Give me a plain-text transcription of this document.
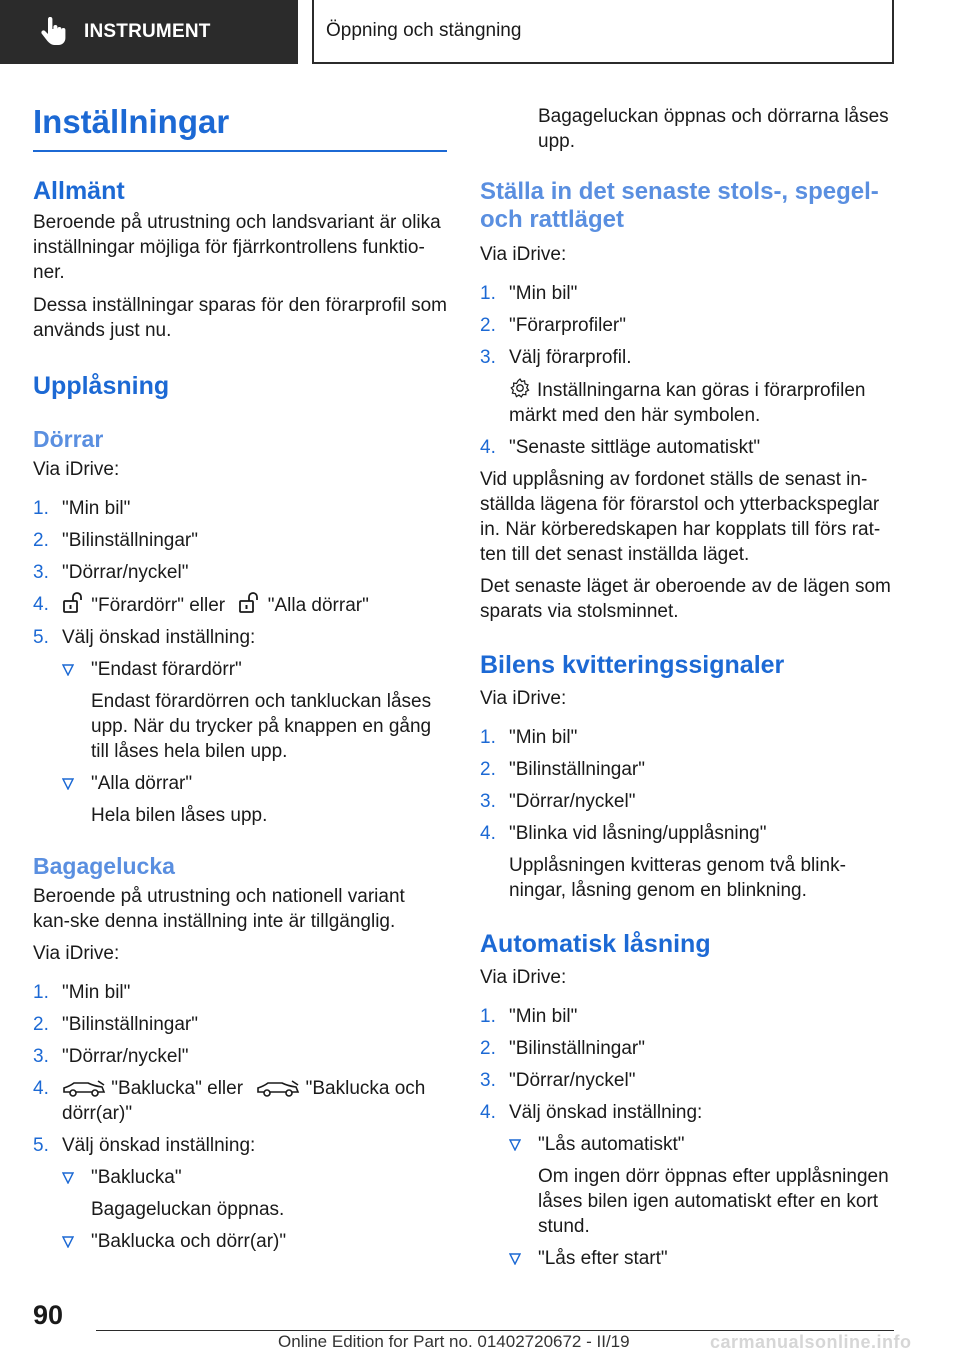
INSTRUMENT	Öppning och stängning
Inställningar
Allmänt

Beroende på utrustning och landsvariant är olika inställningar möjliga för fjärrkontrollens funktio-ner.

Dessa inställningar sparas för den förarprofil som används just nu.

Upplåsning
Dörrar

Via iDrive:

1. "Min bil"
2. "Bilinställningar"
3. "Dörrar/nyckel"
4. "Förardörr" eller "Alla dörrar"
5. Välj önskad inställning:
"Endast förardörr"
Endast förardörren och tankluckan låses upp. När du trycker på knappen en gång till låses hela bilen upp.
"Alla dörrar"
Hela bilen låses upp.
Bagagelucka

Beroende på utrustning och nationell variant kan-ske denna inställning inte är tillgänglig.

Via iDrive:

1. "Min bil"
2. "Bilinställningar"
3. "Dörrar/nyckel"
4.	"Baklucka" eller	"Baklucka och dörr(ar)"
5. Välj önskad inställning:
"Baklucka"
Bagageluckan öppnas.
"Baklucka och dörr(ar)"

Bagageluckan öppnas och dörrarna låses upp.

Ställa in det senaste stols-, spegel- och rattläget

Via iDrive:

1. "Min bil"
2. "Förarprofiler"
3. Välj förarprofil.
Inställningarna kan göras i förarprofilen märkt med den här symbolen.
4. "Senaste sittläge automatiskt"

Vid upplåsning av fordonet ställs de senast in-ställda lägena för förarstol och ytterbackspeglar in. När körberedskapen har kopplats till förs rat-ten till det senast inställda läget.

Det senaste läget är oberoende av de lägen som sparats via stolsminnet.

Bilens kvitteringssignaler

Via iDrive:

1. "Min bil"
2. "Bilinställningar"
3. "Dörrar/nyckel"
4. "Blinka vid låsning/upplåsning"
Upplåsningen kvitteras genom två blink-ningar, låsning genom en blinkning.
Automatisk låsning

Via iDrive:

1. "Min bil"
2. "Bilinställningar"
3. "Dörrar/nyckel"
4. Välj önskad inställning:
"Lås automatiskt"
Om ingen dörr öppnas efter upplåsningen låses bilen igen automatiskt efter en kort stund.
"Lås efter start"
90
Online Edition for Part no. 01402720672 - II/19	carmanualsonline.info
